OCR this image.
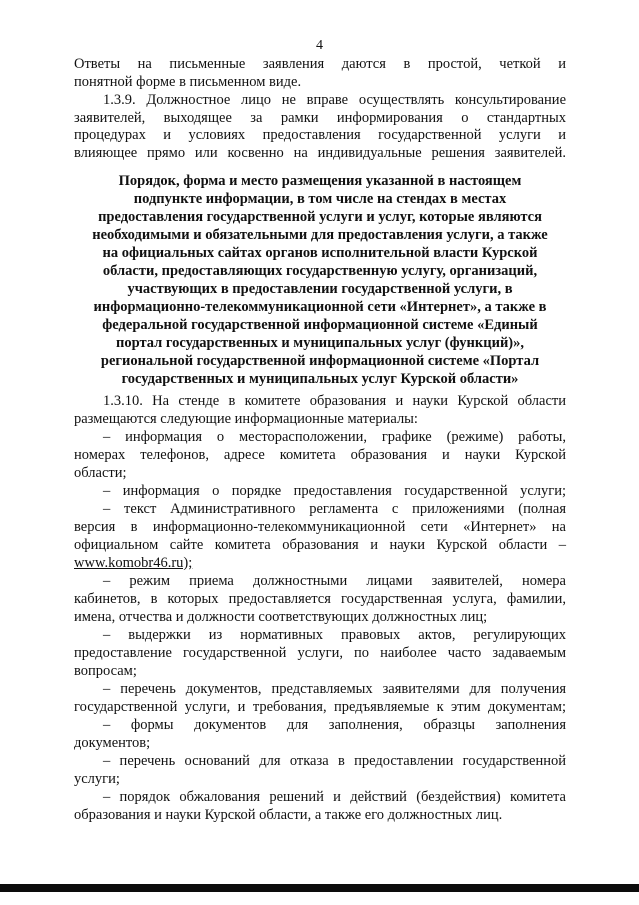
4
Ответы на письменные заявления даются в простой, четкой и
понятной форме в письменном виде.
1.3.9. Должностное лицо не вправе осуществлять консультирование
заявителей, выходящее за рамки информирования о стандартных
процедурах и условиях предоставления государственной услуги и
влияющее прямо или косвенно на индивидуальные решения заявителей.
Порядок, форма и место размещения указанной в настоящем
подпункте информации, в том числе на стендах в местах
предоставления государственной услуги и услуг, которые являются
необходимыми и обязательными для предоставления услуги, а также
на официальных сайтах органов исполнительной власти Курской
области, предоставляющих государственную услугу, организаций,
участвующих в предоставлении государственной услуги, в
информационно-телекоммуникационной сети «Интернет», а также в
федеральной государственной информационной системе «Единый
портал государственных и муниципальных услуг (функций)»,
региональной государственной информационной системе «Портал
государственных и муниципальных услуг Курской области»
1.3.10. На стенде в комитете образования и науки Курской области
размещаются следующие информационные материалы:
– информация о месторасположении, графике (режиме) работы,
номерах телефонов, адресе комитета образования и науки Курской
области;
– информация о порядке предоставления государственной услуги;
– текст Административного регламента с приложениями (полная
версия в информационно-телекоммуникационной сети «Интернет» на
официальном сайте комитета образования и науки Курской области –
www.komobr46.ru);
– режим приема должностными лицами заявителей, номера
кабинетов, в которых предоставляется государственная услуга, фамилии,
имена, отчества и должности соответствующих должностных лиц;
– выдержки из нормативных правовых актов, регулирующих
предоставление государственной услуги, по наиболее часто задаваемым
вопросам;
– перечень документов, представляемых заявителями для получения
государственной услуги, и требования, предъявляемые к этим документам;
– формы документов для заполнения, образцы заполнения
документов;
– перечень оснований для отказа в предоставлении государственной
услуги;
– порядок обжалования решений и действий (бездействия) комитета
образования и науки Курской области, а также его должностных лиц.
